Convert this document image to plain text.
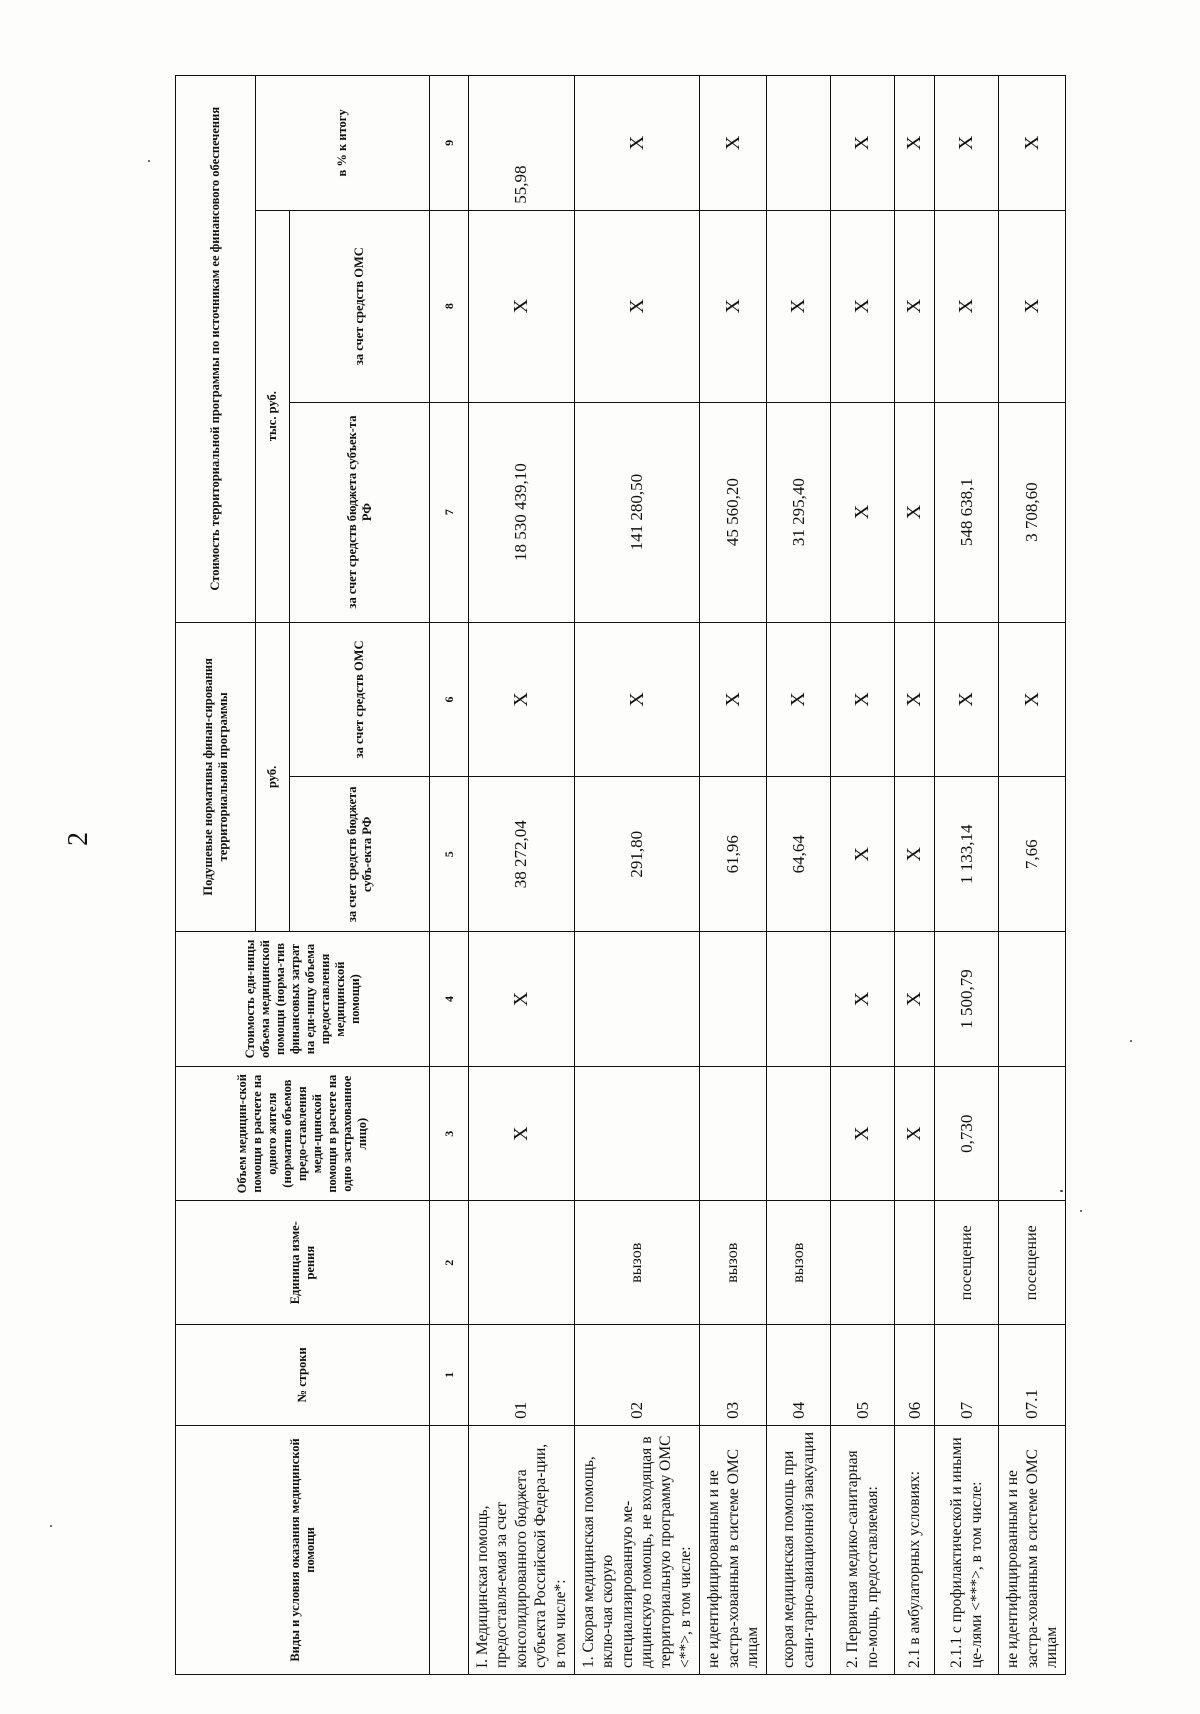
2
Виды и условия оказания медицинской помощи	№ строки	Единица изме-рения	Объем медицин-ской помощи в расчете на одного жителя (норматив объемов предо-ставления меди-цинской помощи в расчете на одно застрахованное лицо)	Стоимость еди-ницы объема медицинской помощи (норма-тив финансовых затрат на еди-ницу объема предоставления медицинской помощи)	Подушевые нормативы финан-сирования территориальной программы		Стоимость территориальной программы по источникам ее финансового обеспечения		
					руб.		тыс. руб.		в % к итогу
					за счет средств бюджета субъ-екта РФ	за счет средств ОМС	за счет средств бюджета субъек-та РФ	за счет средств ОМС	
	1	2	3	4	5	6	7	8	9
I. Медицинская помощь, предоставля-емая за счет консолидированного бюджета субъекта Российской Федера-ции, в том числе*:	01		X	X	38 272,04	X	18 530 439,10	X	55,98
1. Скорая медицинская помощь, вклю-чая скорую специализированную ме-дицинскую помощь, не входящая в территориальную программу ОМС <**>, в том числе:	02	вызов			291,80	X	141 280,50	X	X
не идентифицированным и не застра-хованным в системе ОМС лицам	03	вызов			61,96	X	45 560,20	X	X
скорая медицинская помощь при сани-тарно-авиационной эвакуации	04	вызов			64,64	X	31 295,40	X	
2. Первичная медико-санитарная по-мощь, предоставляемая:	05		X	X	X	X	X	X	X
2.1 в амбулаторных условиях:	06		X	X	X	X	X	X	X
2.1.1 с профилактической и иными це-лями <***>, в том числе:	07	посещение	0,730	1 500,79	1 133,14	X	548 638,1	X	X
не идентифицированным и не застра-хованным в системе ОМС лицам	07.1	посещение			7,66	X	3 708,60	X	X
